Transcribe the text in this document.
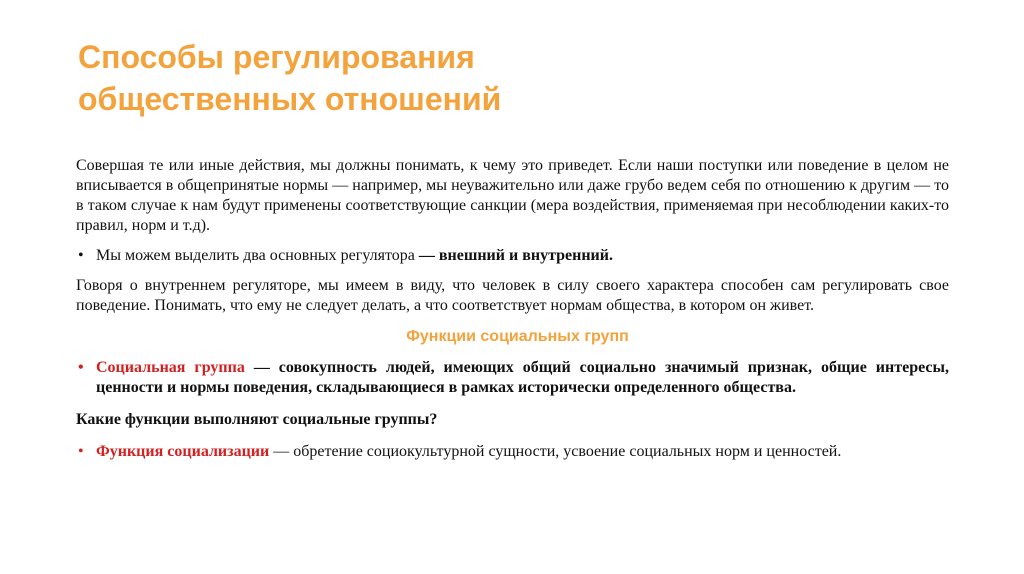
Способы регулирования
общественных отношений

Совершая те или иные действия, мы должны понимать, к чему это приведет. Если наши поступки или поведение в целом не вписывается в общепринятые нормы — например, мы неуважительно или даже грубо ведем себя по отношению к другим — то в таком случае к нам будут применены соответствующие санкции (мера воздействия, применяемая при несоблюдении каких-то правил, норм и т.д).

• Мы можем выделить два основных регулятора — внешний и внутренний.

Говоря о внутреннем регуляторе, мы имеем в виду, что человек в силу своего характера способен сам регулировать свое поведение. Понимать, что ему не следует делать, а что соответствует нормам общества, в котором он живет.

Функции социальных групп
• Социальная группа — совокупность людей, имеющих общий социально значимый признак, общие интересы, ценности и нормы поведения, складывающиеся в рамках исторически определенного общества.

Какие функции выполняют социальные группы?

• Функция социализации — обретение социокультурной сущности, усвоение социальных норм и ценностей.
